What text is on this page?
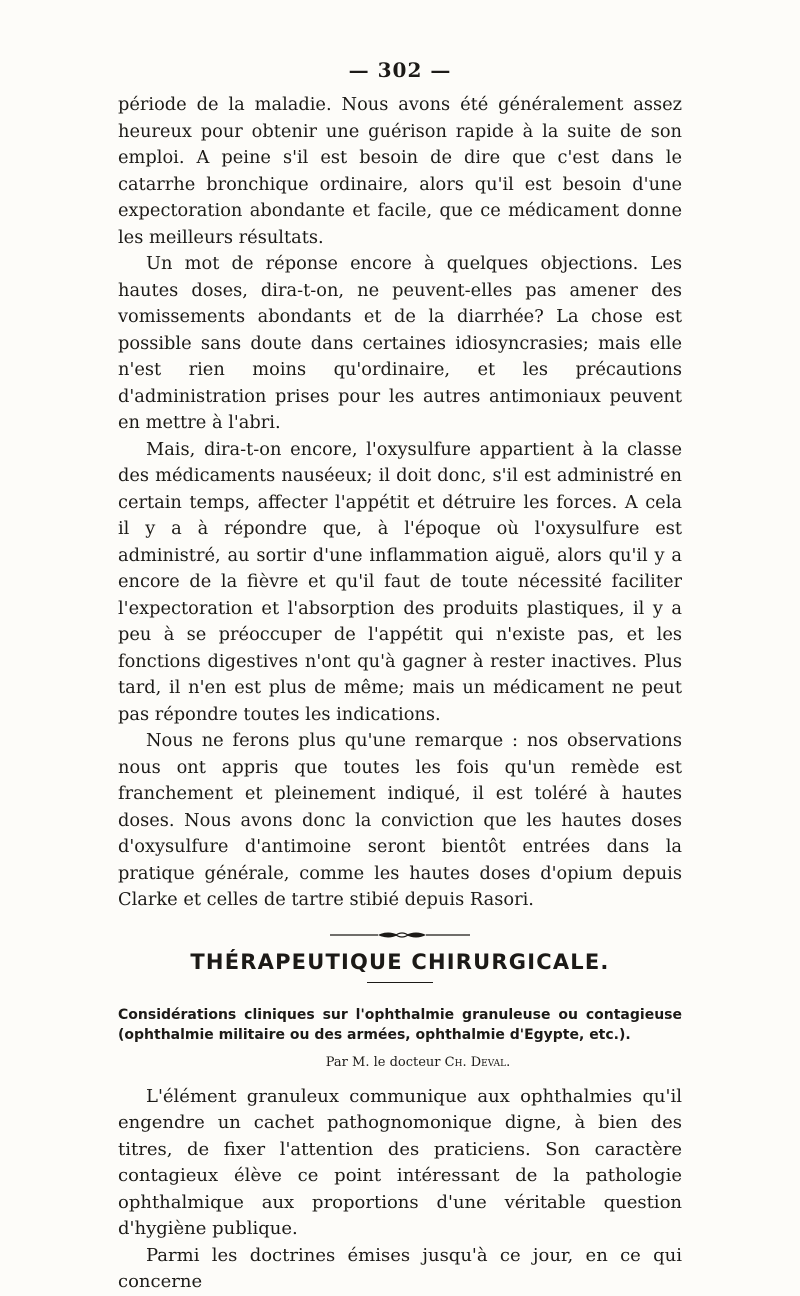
— 302 —

période de la maladie. Nous avons été généralement assez heureux pour obtenir une guérison rapide à la suite de son emploi. A peine s'il est besoin de dire que c'est dans le catarrhe bronchique ordinaire, alors qu'il est besoin d'une expectoration abondante et facile, que ce médicament donne les meilleurs résultats.

Un mot de réponse encore à quelques objections. Les hautes doses, dira-t-on, ne peuvent-elles pas amener des vomissements abondants et de la diarrhée? La chose est possible sans doute dans certaines idiosyncrasies; mais elle n'est rien moins qu'ordinaire, et les précautions d'administration prises pour les autres antimoniaux peuvent en mettre à l'abri.

Mais, dira-t-on encore, l'oxysulfure appartient à la classe des médicaments nauséeux; il doit donc, s'il est administré en certain temps, affecter l'appétit et détruire les forces. A cela il y a à répondre que, à l'époque où l'oxysulfure est administré, au sortir d'une inflammation aiguë, alors qu'il y a encore de la fièvre et qu'il faut de toute nécessité faciliter l'expectoration et l'absorption des produits plastiques, il y a peu à se préoccuper de l'appétit qui n'existe pas, et les fonctions digestives n'ont qu'à gagner à rester inactives. Plus tard, il n'en est plus de même; mais un médicament ne peut pas répondre toutes les indications.

Nous ne ferons plus qu'une remarque : nos observations nous ont appris que toutes les fois qu'un remède est franchement et pleinement indiqué, il est toléré à hautes doses. Nous avons donc la conviction que les hautes doses d'oxysulfure d'antimoine seront bientôt entrées dans la pratique générale, comme les hautes doses d'opium depuis Clarke et celles de tartre stibié depuis Rasori.

THÉRAPEUTIQUE CHIRURGICALE.

Considérations cliniques sur l'ophthalmie granuleuse ou contagieuse (ophthalmie militaire ou des armées, ophthalmie d'Egypte, etc.).

Par M. le docteur Ch. Deval.

L'élément granuleux communique aux ophthalmies qu'il engendre un cachet pathognomonique digne, à bien des titres, de fixer l'attention des praticiens. Son caractère contagieux élève ce point intéressant de la pathologie ophthalmique aux proportions d'une véritable question d'hygiène publique.

Parmi les doctrines émises jusqu'à ce jour, en ce qui concerne
